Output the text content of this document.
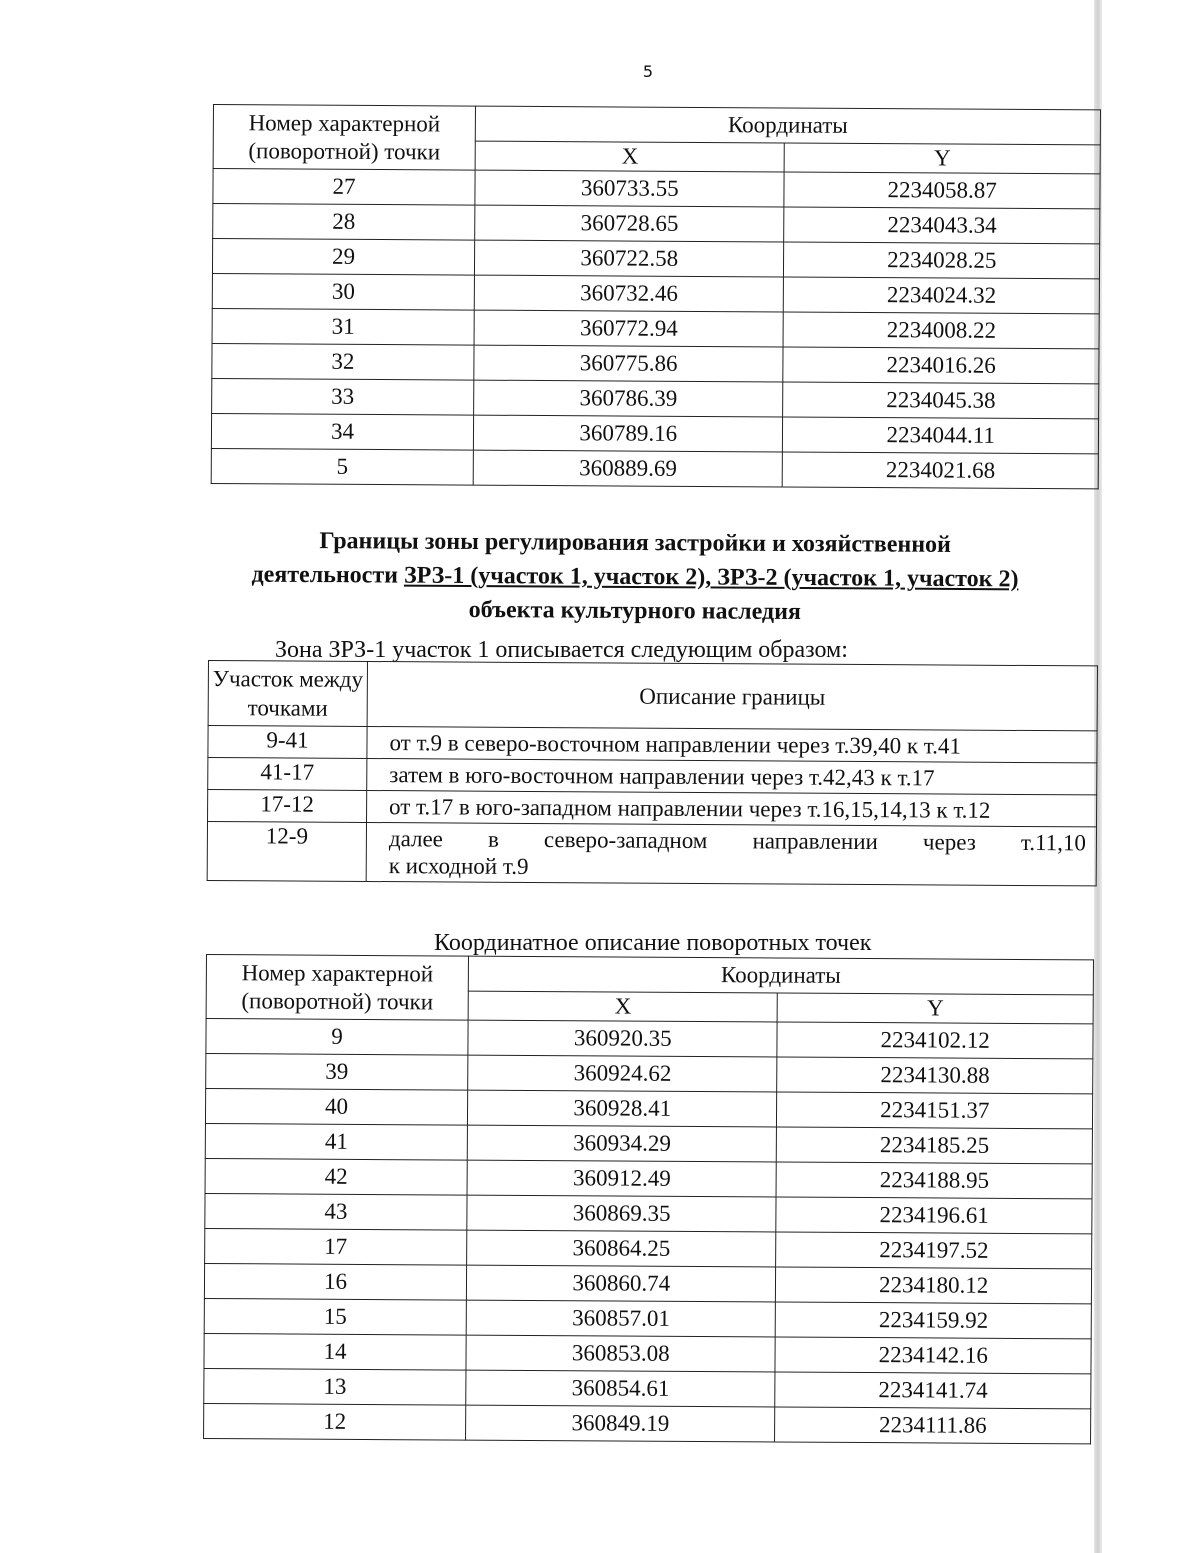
5
Номер характерной (поворотной) точки	Координаты	
	X	Y
27	360733.55	2234058.87
28	360728.65	2234043.34
29	360722.58	2234028.25
30	360732.46	2234024.32
31	360772.94	2234008.22
32	360775.86	2234016.26
33	360786.39	2234045.38
34	360789.16	2234044.11
5	360889.69	2234021.68
Границы зоны регулирования застройки и хозяйственной
деятельности ЗРЗ-1 (участок 1, участок 2), ЗРЗ-2 (участок 1, участок 2)
объекта культурного наследия
Зона ЗРЗ-1 участок 1 описывается следующим образом:
Участок между точками	Описание границы
9-41	от т.9 в северо-восточном направлении через т.39,40 к т.41
41-17	затем в юго-восточном направлении через т.42,43 к т.17
17-12	от т.17 в юго-западном направлении через т.16,15,14,13 к т.12
12-9	далее в северо-западном направлении через т.11,10
к исходной т.9
Координатное описание поворотных точек
Номер характерной (поворотной) точки	Координаты	
	X	Y
9	360920.35	2234102.12
39	360924.62	2234130.88
40	360928.41	2234151.37
41	360934.29	2234185.25
42	360912.49	2234188.95
43	360869.35	2234196.61
17	360864.25	2234197.52
16	360860.74	2234180.12
15	360857.01	2234159.92
14	360853.08	2234142.16
13	360854.61	2234141.74
12	360849.19	2234111.86
